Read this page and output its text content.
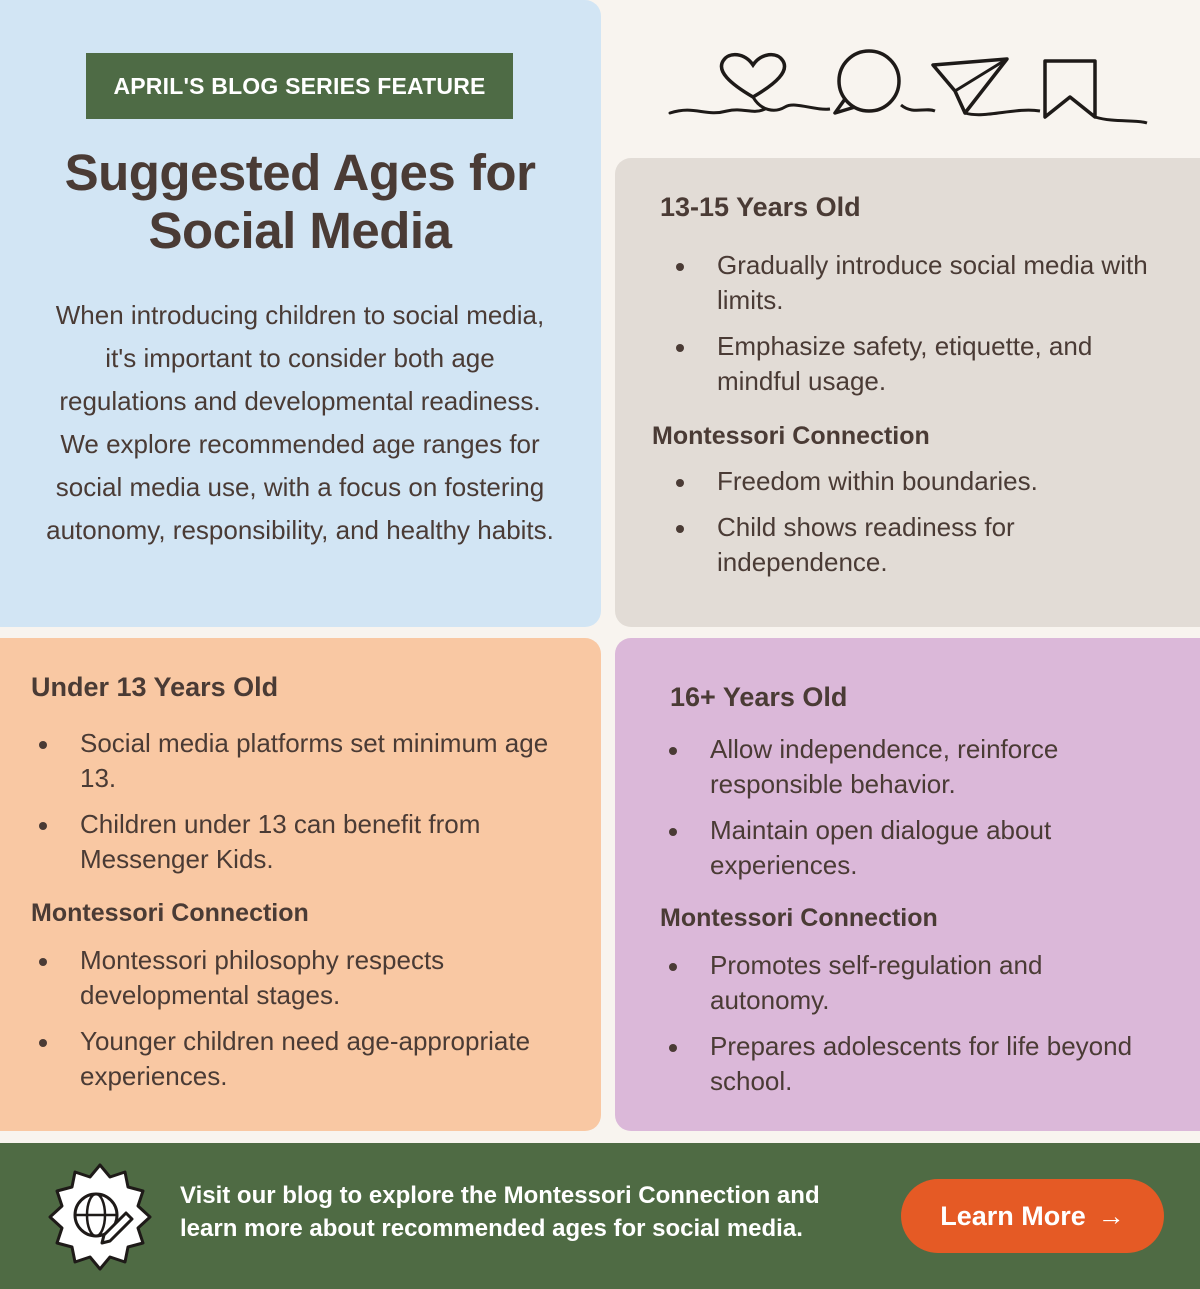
APRIL'S BLOG SERIES FEATURE
Suggested Ages for
Social Media

When introducing children to social media, it's important to consider both age regulations and developmental readiness. We explore recommended age ranges for social media use, with a focus on fostering autonomy, responsibility, and healthy habits.

13-15 Years Old
Gradually introduce social media with limits.
Emphasize safety, etiquette, and mindful usage.
Montessori Connection
Freedom within boundaries.
Child shows readiness for independence.
Under 13 Years Old
Social media platforms set minimum age 13.
Children under 13 can benefit from Messenger Kids.
Montessori Connection
Montessori philosophy respects developmental stages.
Younger children need age-appropriate experiences.
16+ Years Old
Allow independence, reinforce responsible behavior.
Maintain open dialogue about experiences.
Montessori Connection
Promotes self-regulation and autonomy.
Prepares adolescents for life beyond school.
Visit our blog to explore the Montessori Connection and
learn more about recommended ages for social media.	Learn More →
